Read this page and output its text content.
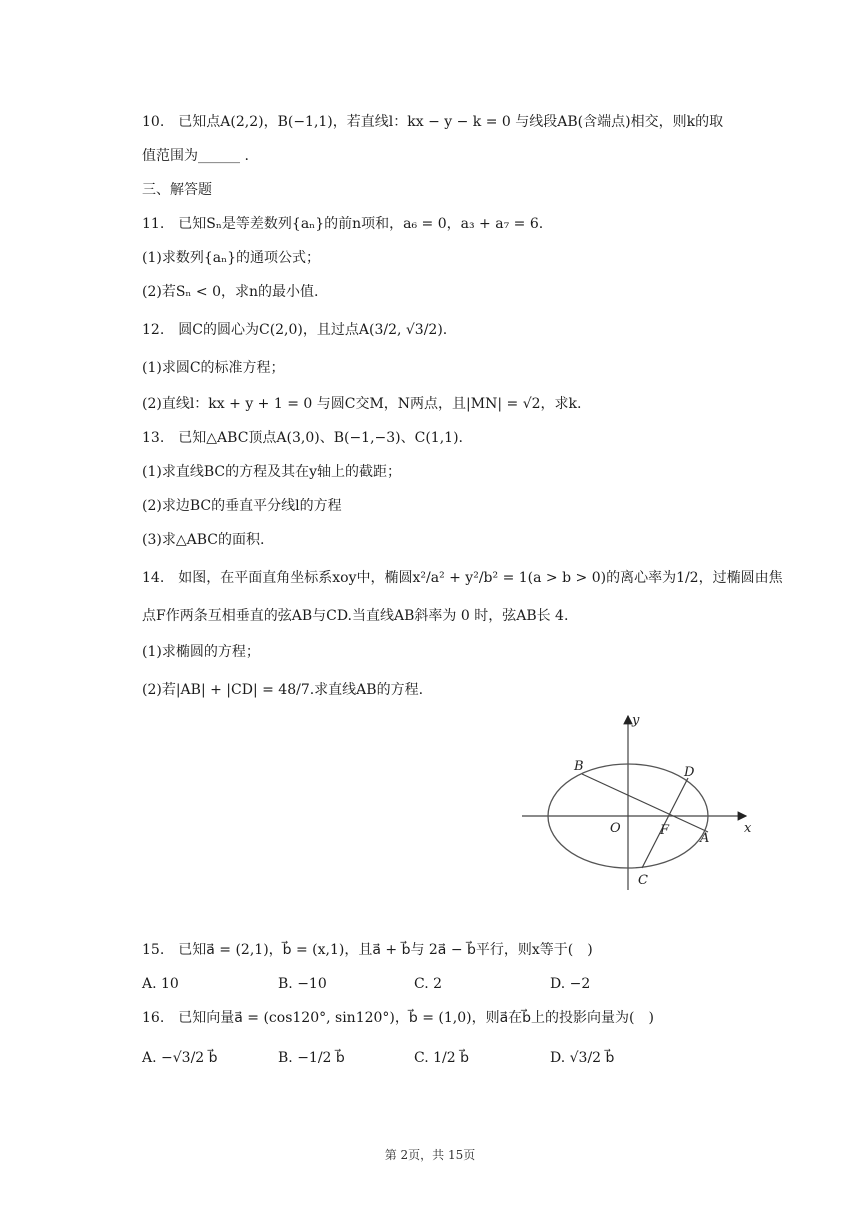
10.　已知点A(2,2)，B(−1,1)，若直线l：kx − y − k = 0 与线段AB(含端点)相交，则k的取
值范围为______ .
三、解答题
11.　已知Sₙ是等差数列{aₙ}的前n项和，a₆ = 0，a₃ + a₇ = 6.
(1)求数列{aₙ}的通项公式；
(2)若Sₙ < 0，求n的最小值.
12.　圆C的圆心为C(2,0)，且过点A(3/2, √3/2).
(1)求圆C的标准方程；
(2)直线l：kx + y + 1 = 0 与圆C交M，N两点，且|MN| = √2，求k.
13.　已知△ABC顶点A(3,0)、B(−1,−3)、C(1,1).
(1)求直线BC的方程及其在y轴上的截距；
(2)求边BC的垂直平分线l的方程
(3)求△ABC的面积.
14.　如图，在平面直角坐标系xoy中，椭圆x²/a² + y²/b² = 1(a > b > 0)的离心率为1/2，过椭圆由焦
点F作两条互相垂直的弦AB与CD.当直线AB斜率为 0 时，弦AB长 4.
(1)求椭圆的方程；
(2)若|AB| + |CD| = 48/7.求直线AB的方程.
y
x
O
B	D
F
A
C
15.　已知a⃗ = (2,1)，b⃗ = (x,1)，且a⃗ + b⃗与 2a⃗ − b⃗平行，则x等于(　)
A. 10	B. −10	C. 2	D. −2
16.　已知向量a⃗ = (cos120°, sin120°)，b⃗ = (1,0)，则a⃗在b⃗上的投影向量为(　)
A. −√3/2 b⃗	B. −1/2 b⃗	C. 1/2 b⃗	D. √3/2 b⃗
第 2页，共 15页
